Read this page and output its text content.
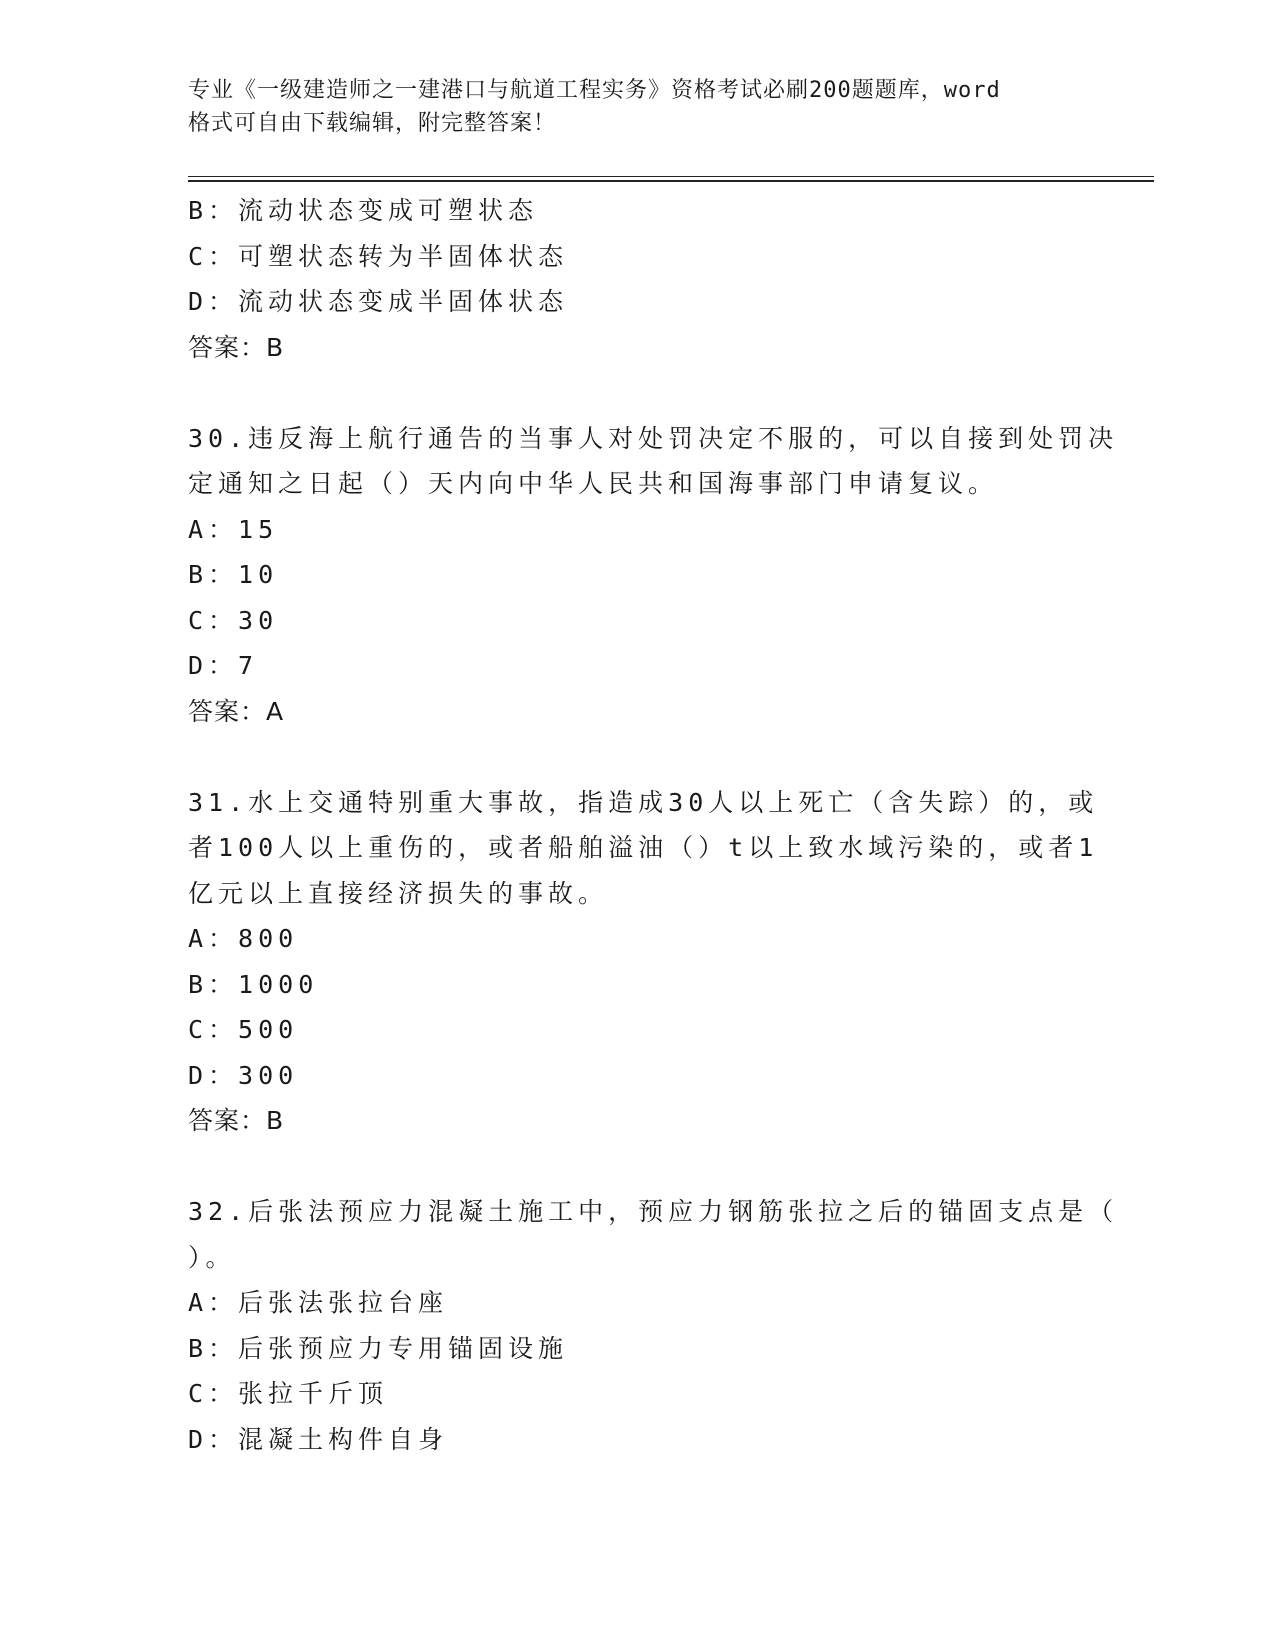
专业《一级建造师之一建港口与航道工程实务》资格考试必刷200题题库，word
格式可自由下载编辑，附完整答案！
B：流动状态变成可塑状态
C：可塑状态转为半固体状态
D：流动状态变成半固体状态
答案：B
30.违反海上航行通告的当事人对处罚决定不服的，可以自接到处罚决
定通知之日起（）天内向中华人民共和国海事部门申请复议。
A：15
B：10
C：30
D：7
答案：A
31.水上交通特别重大事故，指造成30人以上死亡（含失踪）的，或
者100人以上重伤的，或者船舶溢油（）t以上致水域污染的，或者1
亿元以上直接经济损失的事故。
A：800
B：1000
C：500
D：300
答案：B
32.后张法预应力混凝土施工中，预应力钢筋张拉之后的锚固支点是（
）。
A：后张法张拉台座
B：后张预应力专用锚固设施
C：张拉千斤顶
D：混凝土构件自身
